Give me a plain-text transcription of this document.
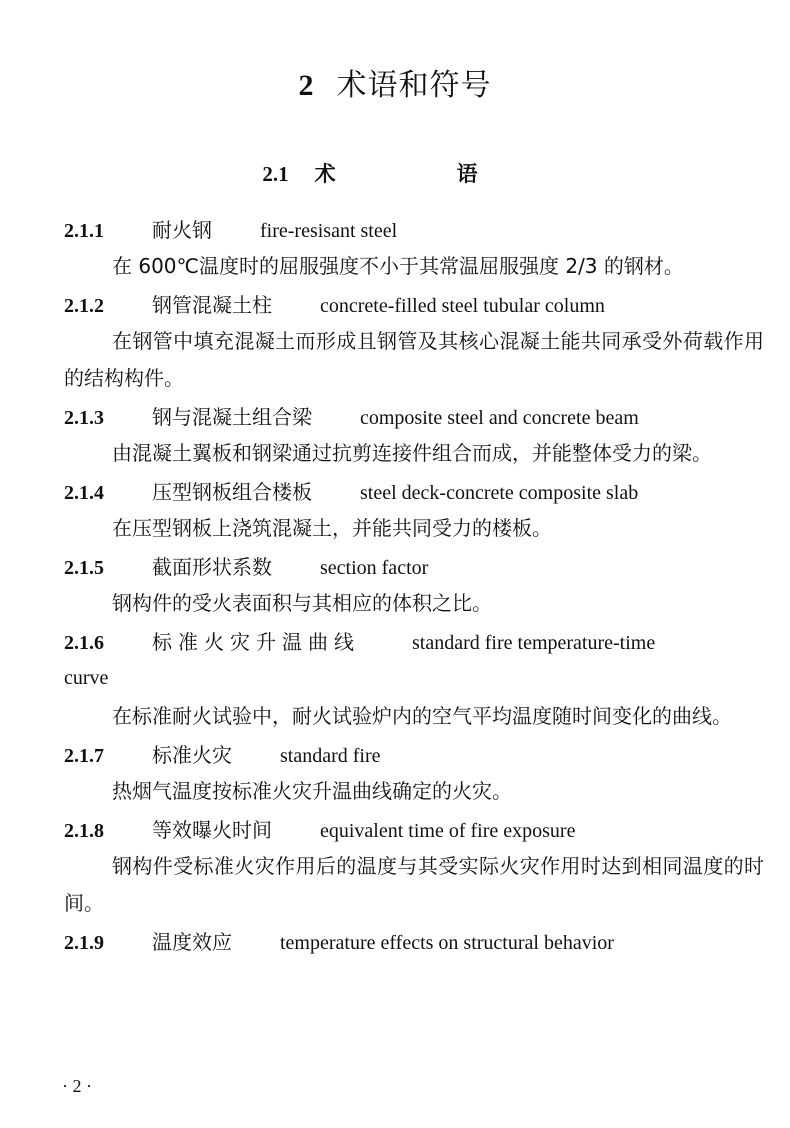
2 术语和符号
2.1 术　语
2.1.1 耐火钢 fire-resisant steel

在 600℃温度时的屈服强度不小于其常温屈服强度 2/3 的钢材。

2.1.2 钢管混凝土柱 concrete-filled steel tubular column

在钢管中填充混凝土而形成且钢管及其核心混凝土能共同承受外荷载作用的结构构件。

2.1.3 钢与混凝土组合梁 composite steel and concrete beam

由混凝土翼板和钢梁通过抗剪连接件组合而成，并能整体受力的梁。

2.1.4 压型钢板组合楼板 steel deck-concrete composite slab

在压型钢板上浇筑混凝土，并能共同受力的楼板。

2.1.5 截面形状系数 section factor

钢构件的受火表面积与其相应的体积之比。

2.1.6 标准火灾升温曲线	standard fire temperature-time
curve

在标准耐火试验中，耐火试验炉内的空气平均温度随时间变化的曲线。

2.1.7 标准火灾 standard fire

热烟气温度按标准火灾升温曲线确定的火灾。

2.1.8 等效曝火时间 equivalent time of fire exposure

钢构件受标准火灾作用后的温度与其受实际火灾作用时达到相同温度的时间。

2.1.9 温度效应 temperature effects on structural behavior
· 2 ·
